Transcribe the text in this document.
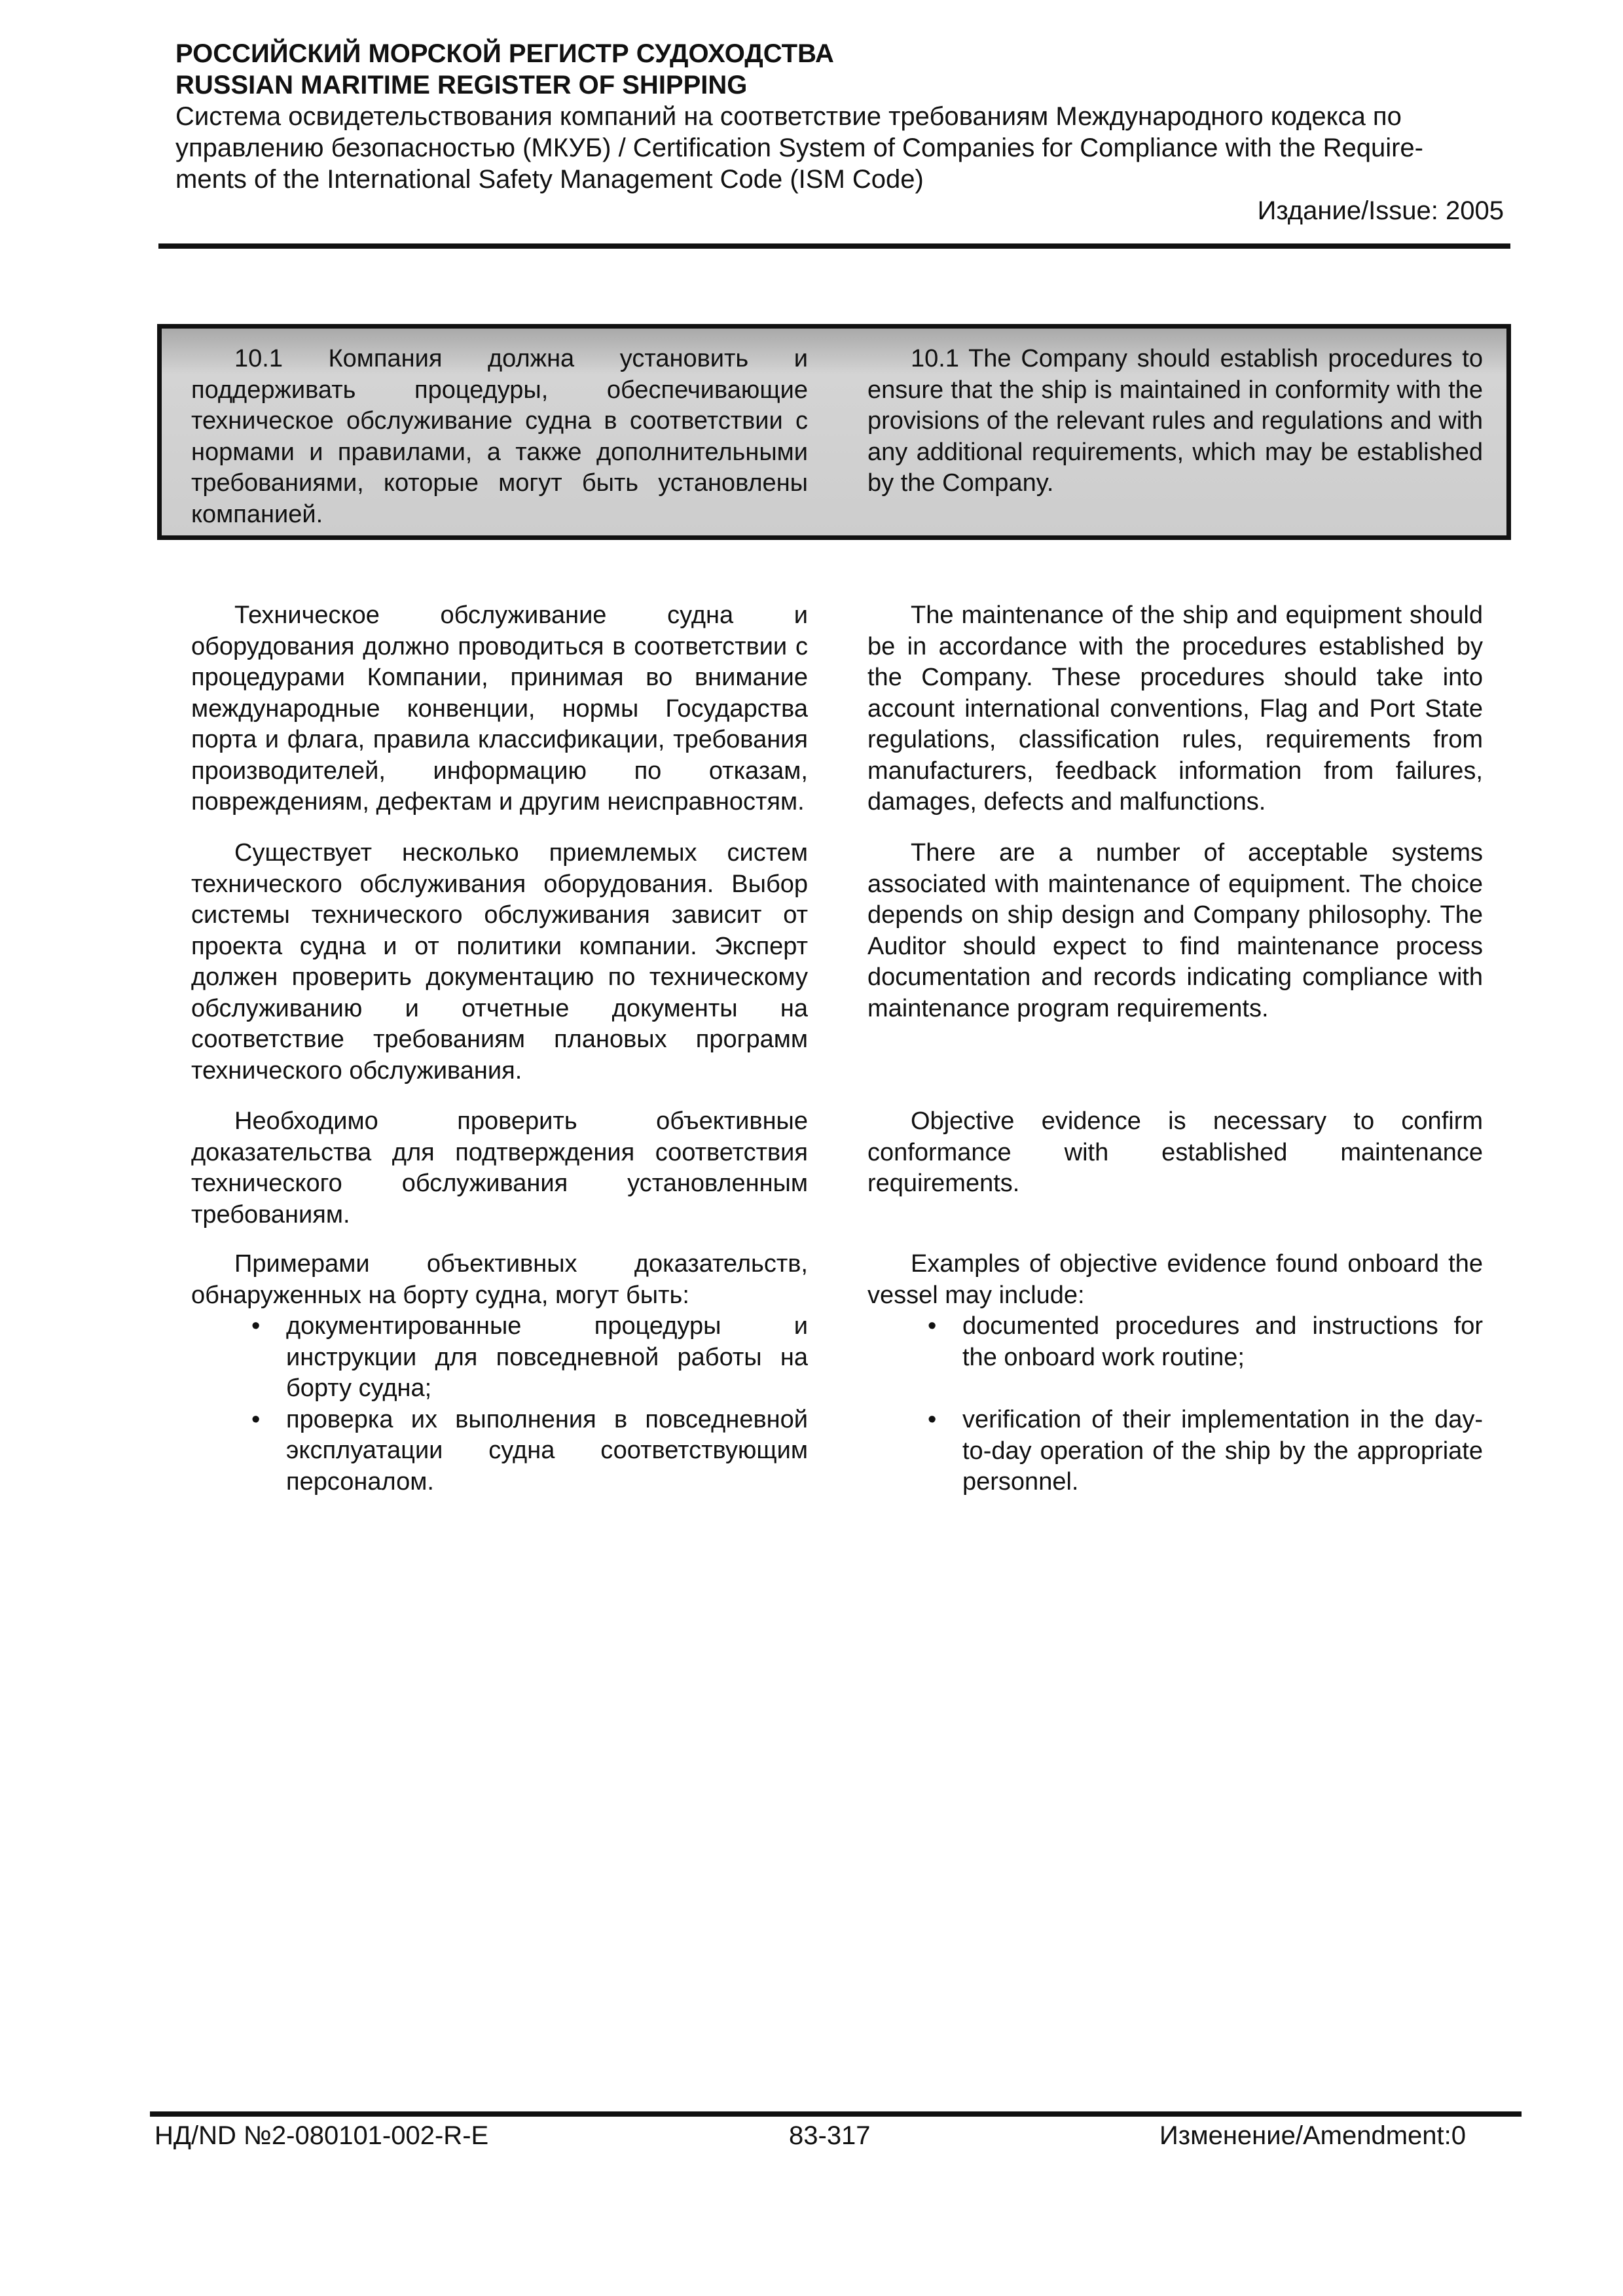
РОССИЙСКИЙ МОРСКОЙ РЕГИСТР СУДОХОДСТВА

RUSSIAN MARITIME REGISTER OF SHIPPING

Система освидетельствования компаний на соответствие требованиям Международного кодекса по

управлению безопасностью (МКУБ) / Certification System of Companies for Compliance with the Require-

ments of the International Safety Management Code (ISM Code)

Издание/Issue: 2005

10.1 Компания должна установить и поддерживать процедуры, обеспечивающие техническое обслуживание судна в соответствии с нормами и правилами, а также дополнительными требованиями, которые могут быть установлены компанией.

10.1 The Company should establish procedures to ensure that the ship is maintained in conformity with the provisions of the relevant rules and regulations and with any additional requirements, which may be established by the Company.

Техническое обслуживание судна и оборудования должно проводиться в соответствии с процедурами Компании, принимая во внимание международные конвенции, нормы Государства порта и флага, правила классификации, требования производителей, информацию по отказам, повреждениям, дефектам и другим неисправностям.

Существует несколько приемлемых систем технического обслуживания оборудования. Выбор системы технического обслуживания зависит от проекта судна и от политики компании. Эксперт должен проверить документацию по техническому обслуживанию и отчетные документы на соответствие требованиям плановых программ технического обслуживания.

Необходимо проверить объективные доказательства для подтверждения соответствия технического обслуживания установленным требованиям.

Примерами объективных доказательств, обнаруженных на борту судна, могут быть:

• документированные процедуры и инструкции для повседневной работы на борту судна;
• проверка их выполнения в повседневной эксплуатации судна соответствующим персоналом.

The maintenance of the ship and equipment should be in accordance with the procedures established by the Company. These procedures should take into account international conventions, Flag and Port State regulations, classification rules, requirements from manufacturers, feedback information from failures, damages, defects and malfunctions.

There are a number of acceptable systems associated with maintenance of equipment. The choice depends on ship design and Company philosophy. The Auditor should expect to find maintenance process documentation and records indicating compliance with maintenance program requirements.

Objective evidence is necessary to confirm conformance with established maintenance requirements.

Examples of objective evidence found onboard the vessel may include:

• documented procedures and instructions for the onboard work routine;
• verification of their implementation in the day-to-day operation of the ship by the appropriate personnel.
НД/ND №2-080101-002-R-E	83-317	Изменение/Amendment:0
